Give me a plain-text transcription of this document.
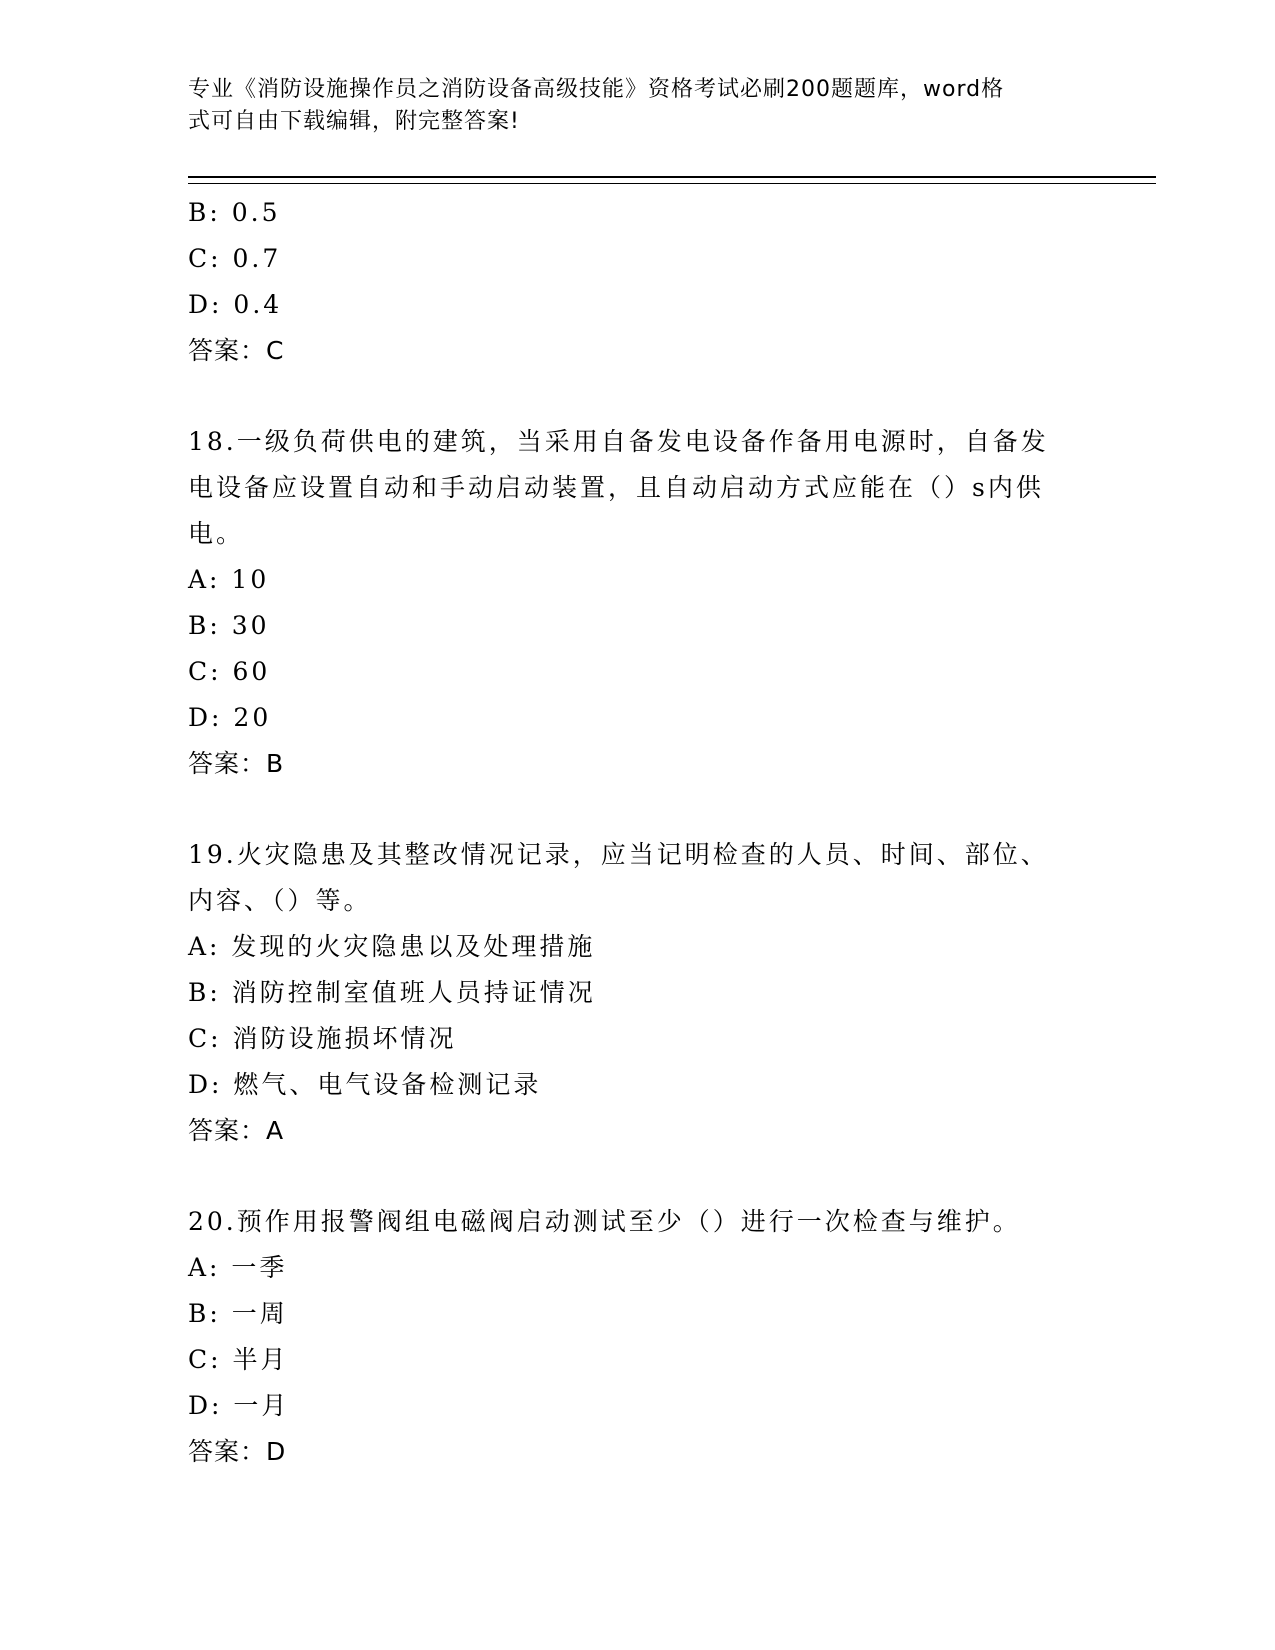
专业《消防设施操作员之消防设备高级技能》资格考试必刷200题题库，word格
式可自由下载编辑，附完整答案!
B: 0.5
C: 0.7
D: 0.4
答案：C
18.一级负荷供电的建筑，当采用自备发电设备作备用电源时，自备发
电设备应设置自动和手动启动装置，且自动启动方式应能在（）s内供
电。
A: 10
B: 30
C: 60
D: 20
答案：B
19.火灾隐患及其整改情况记录，应当记明检查的人员、时间、部位、
内容、（）等。
A: 发现的火灾隐患以及处理措施
B: 消防控制室值班人员持证情况
C: 消防设施损坏情况
D: 燃气、电气设备检测记录
答案：A
20.预作用报警阀组电磁阀启动测试至少（）进行一次检查与维护。
A: 一季
B: 一周
C: 半月
D: 一月
答案：D
